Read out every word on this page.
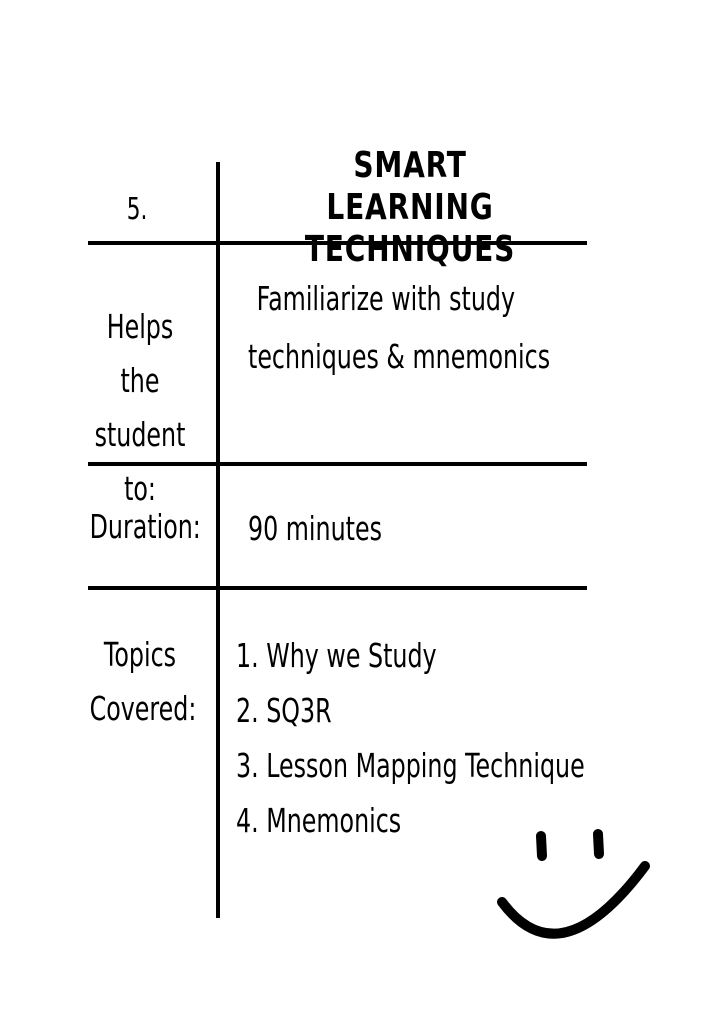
5.
SMART LEARNING
TECHNIQUES
Helps the
student to:
Familiarize with study
techniques & mnemonics
Duration: 90 minutes
Topics
Covered:
1. Why we Study
2. SQ3R
3. Lesson Mapping Technique
4. Mnemonics
